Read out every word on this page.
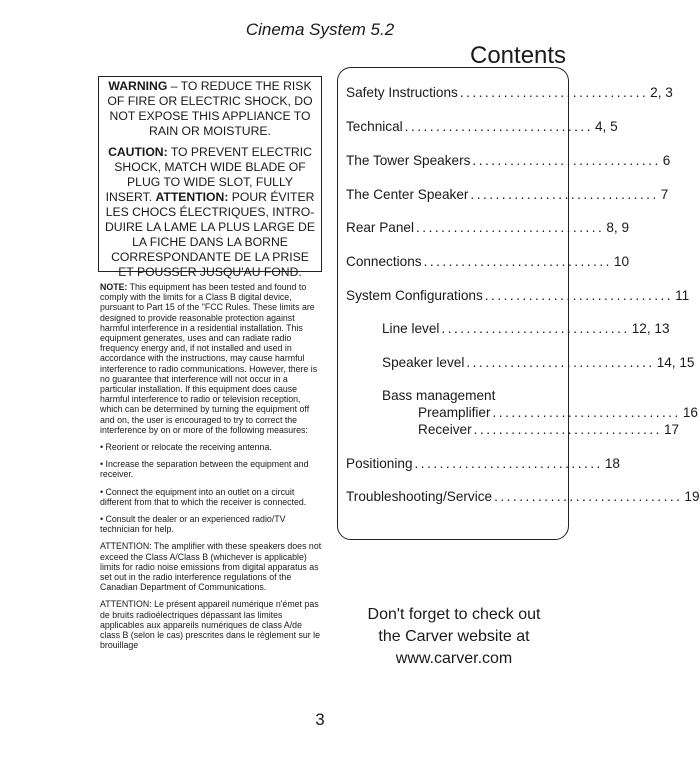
Cinema System 5.2
Contents
WARNING – TO REDUCE THE RISK OF FIRE OR ELECTRIC SHOCK, DO NOT EXPOSE THIS APPLIANCE TO RAIN OR MOISTURE.
CAUTION: TO PREVENT ELECTRIC SHOCK, MATCH WIDE BLADE OF PLUG TO WIDE SLOT, FULLY INSERT. ATTENTION: POUR ÉVITER LES CHOCS ÉLECTRIQUES, INTRO- DUIRE LA LAME LA PLUS LARGE DE LA FICHE DANS LA BORNE CORRESPONDANTE DE LA PRISE ET POUSSER JUSQU'AU FOND.

NOTE: This equipment has been tested and found to comply with the limits for a Class B digital device, pursuant to Part 15 of the "FCC Rules. These limits are designed to provide reasonable protection against harmful interference in a residential installation. This equipment generates, uses and can radiate radio frequency energy and, if not installed and used in accordance with the instructions, may cause harmful interference to radio communications. However, there is no guarantee that interference will not occur in a particular installation. If this equipment does cause harmful interference to radio or television reception, which can be determined by turning the equipment off and on, the user is encouraged to try to correct the interference by on or more of the following measures:

• Reorient or relocate the receiving antenna.

• Increase the separation between the equipment and receiver.

• Connect the equipment into an outlet on a circuit different from that to which the receiver is connected.

• Consult the dealer or an experienced radio/TV technician for help.

ATTENTION: The amplifier with these speakers does not exceed the Class A/Class B (whichever is applicable) limits for radio noise emissions from digital apparatus as set out in the radio interference regulations of the Canadian Department of Communications.

ATTENTION: Le présent appareil numérique n'émet pas de bruits radioélectriques dépassant las limites applicables aux appareils numériques de class A/de class B (selon le cas) prescrites dans le règlement sur le brouillage

Safety Instructions .............................. 2, 3
Technical .............................. 4, 5
The Tower Speakers .............................. 6
The Center Speaker .............................. 7
Rear Panel .............................. 8, 9
Connections .............................. 10
System Configurations .............................. 11
Line level .............................. 12, 13
Speaker level .............................. 14, 15
Bass management
Preamplifier .............................. 16
Receiver .............................. 17
Positioning .............................. 18
Troubleshooting/Service .............................. 19
Don't forget to check out
the Carver website at
www.carver.com
3
